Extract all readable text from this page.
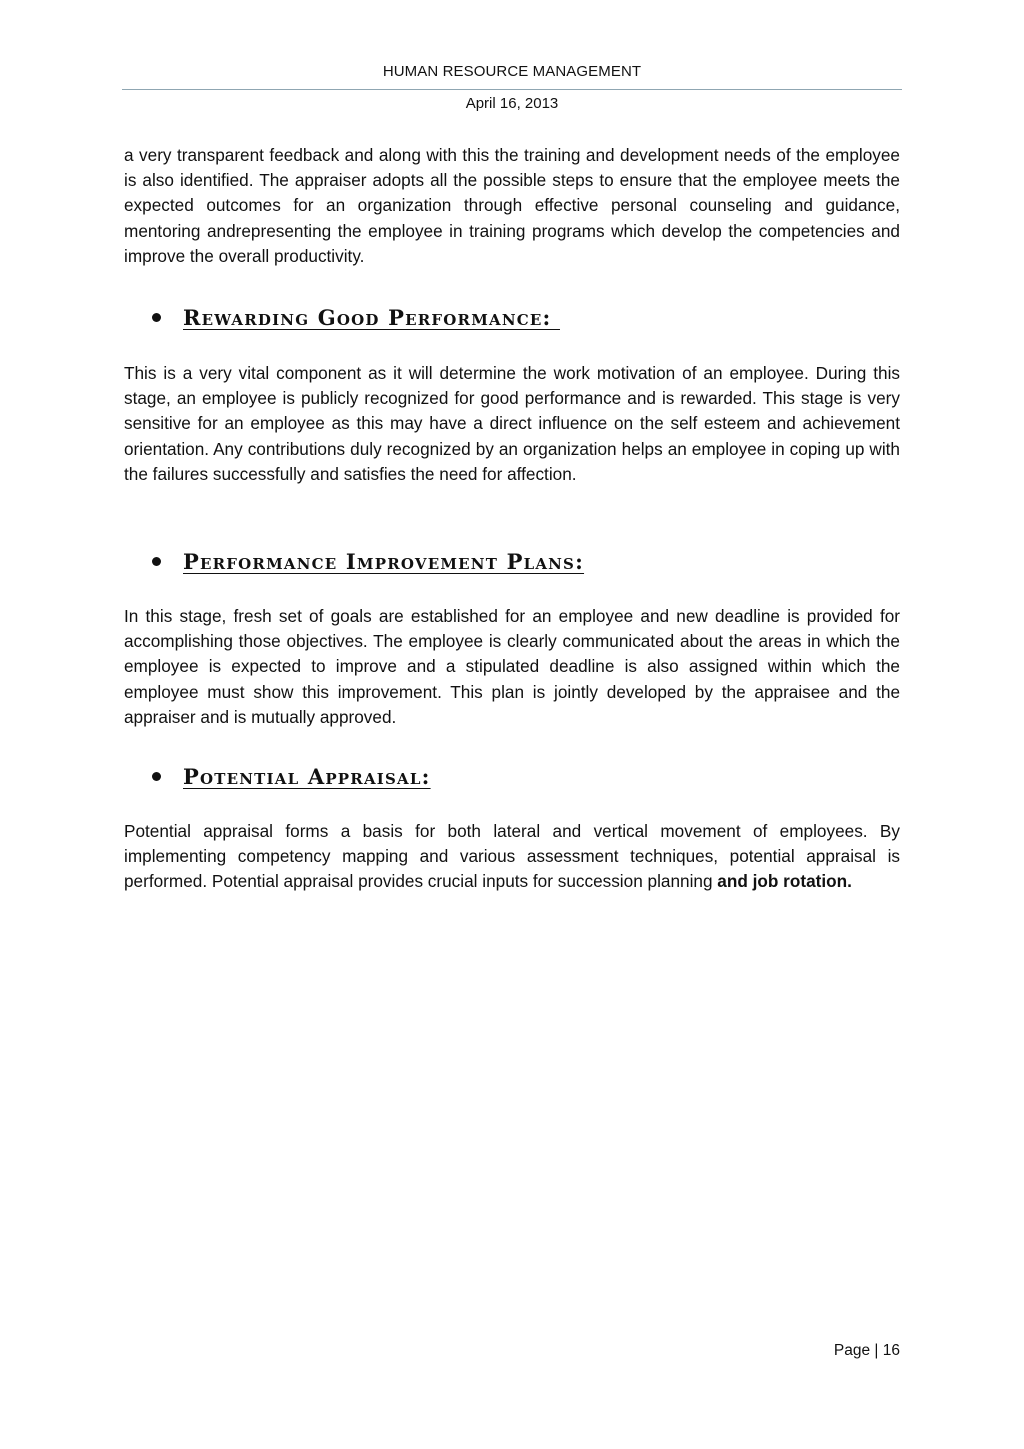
HUMAN RESOURCE MANAGEMENT
April 16, 2013

a very transparent feedback and along with this the training and development needs of the employee is also identified. The appraiser adopts all the possible steps to ensure that the employee meets the expected outcomes for an organization through effective personal counseling and guidance, mentoring andrepresenting the employee in training programs which develop the competencies and improve the overall productivity.

Rewarding Good Performance:

This is a very vital component as it will determine the work motivation of an employee. During this stage, an employee is publicly recognized for good performance and is rewarded. This stage is very sensitive for an employee as this may have a direct influence on the self esteem and achievement orientation. Any contributions duly recognized by an organization helps an employee in coping up with the failures successfully and satisfies the need for affection.

Performance Improvement Plans:

In this stage, fresh set of goals are established for an employee and new deadline is provided for accomplishing those objectives. The employee is clearly communicated about the areas in which the employee is expected to improve and a stipulated deadline is also assigned within which the employee must show this improvement. This plan is jointly developed by the appraisee and the appraiser and is mutually approved.

Potential Appraisal:

Potential appraisal forms a basis for both lateral and vertical movement of employees. By implementing competency mapping and various assessment techniques, potential appraisal is performed. Potential appraisal provides crucial inputs for succession planning and job rotation.

Page | 16
